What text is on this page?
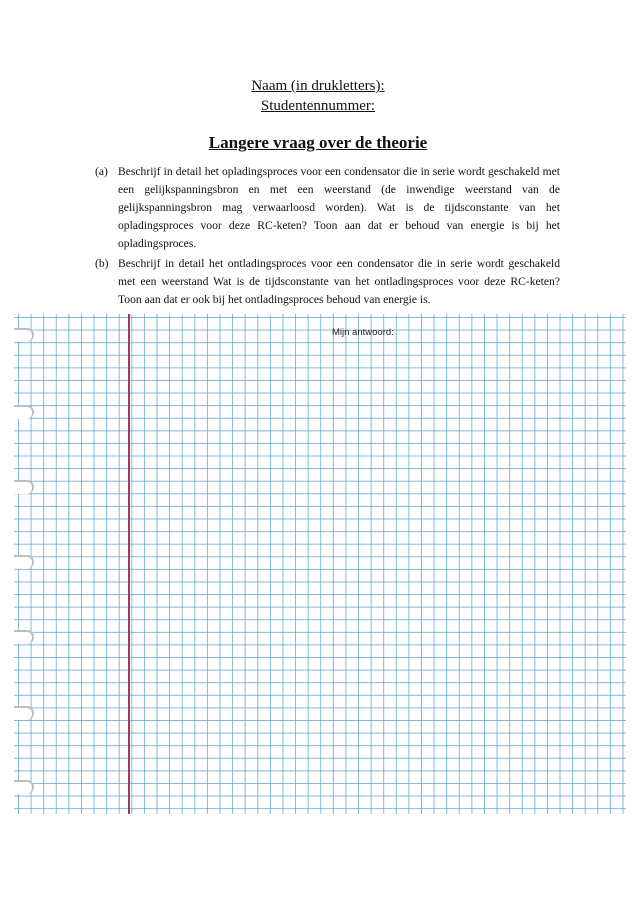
Naam (in drukletters):
Studentennummer:
Langere vraag over de theorie
(a) Beschrijf in detail het opladingsproces voor een condensator die in serie wordt geschakeld met een gelijkspanningsbron en met een weerstand (de inwendige weerstand van de gelijkspanningsbron mag verwaarloosd worden). Wat is de tijdsconstante van het opladingsproces voor deze RC-keten? Toon aan dat er behoud van energie is bij het opladingsproces.
(b) Beschrijf in detail het ontladingsproces voor een condensator die in serie wordt geschakeld met een weerstand Wat is de tijdsconstante van het ontladingsproces voor deze RC-keten? Toon aan dat er ook bij het ontladingsproces behoud van energie is.
Mijn antwoord:
